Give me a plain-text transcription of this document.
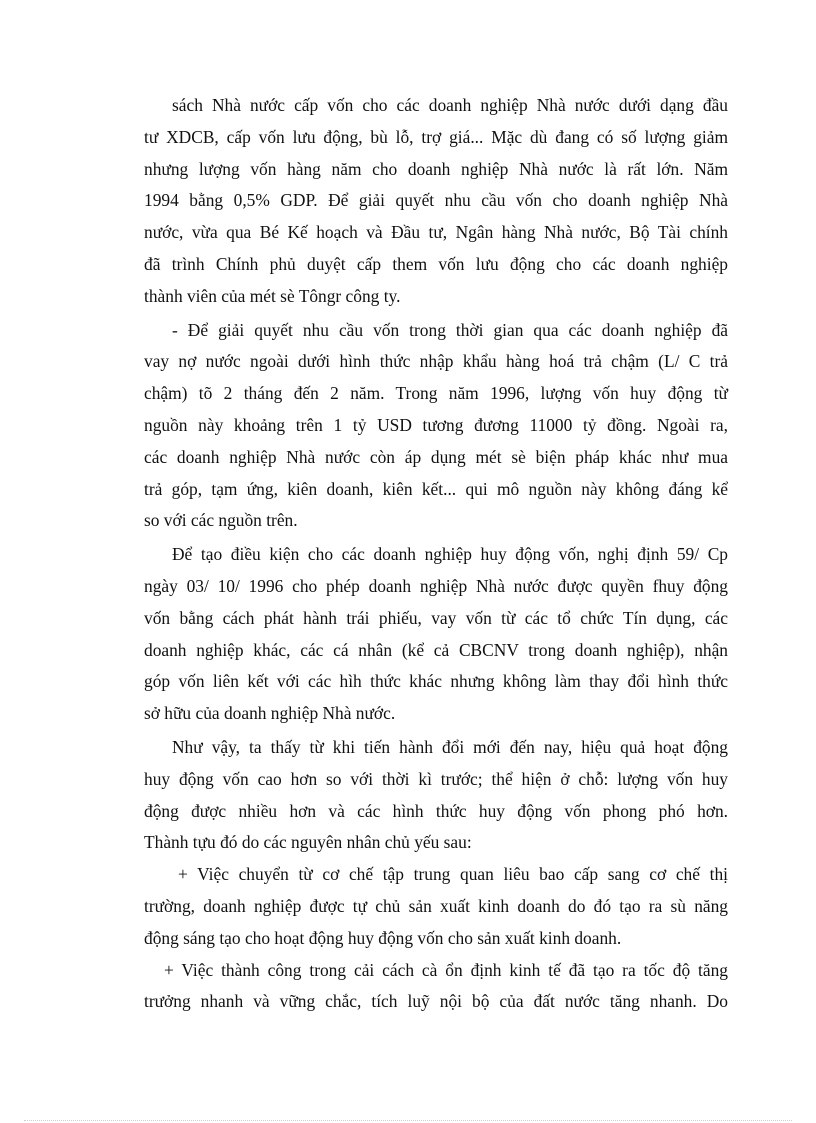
sách Nhà nước cấp vốn cho các doanh nghiệp Nhà nước dưới dạng đầu
tư XDCB, cấp vốn lưu động, bù lỗ, trợ giá... Mặc dù đang có số lượng giảm
nhưng lượng vốn hàng năm cho doanh nghiệp Nhà nước là rất lớn. Năm
1994 bằng 0,5% GDP. Để giải quyết nhu cầu vốn cho doanh nghiệp Nhà
nước, vừa qua Bé Kế hoạch và Đầu tư, Ngân hàng Nhà nước, Bộ Tài chính
đã trình Chính phủ duyệt cấp them vốn lưu động cho các doanh nghiệp
thành viên của mét sè Tôngr công ty.
- Để giải quyết nhu cầu vốn trong thời gian qua các doanh nghiệp đã
vay nợ nước ngoài dưới hình thức nhập khẩu hàng hoá trả chậm (L/ C trả
chậm) tõ 2 tháng đến 2 năm. Trong năm 1996, lượng vốn huy động từ
nguồn này khoảng trên 1 tỷ USD tương đương 11000 tỷ đồng. Ngoài ra,
các doanh nghiệp Nhà nước còn áp dụng mét sè biện pháp khác như mua
trả góp, tạm ứng, kiên doanh, kiên kết... qui mô nguồn này không đáng kể
so với các nguồn trên.
Để tạo điều kiện cho các doanh nghiệp huy động vốn, nghị định 59/ Cp
ngày 03/ 10/ 1996 cho phép doanh nghiệp Nhà nước được quyền fhuy động
vốn bằng cách phát hành trái phiếu, vay vốn từ các tổ chức Tín dụng, các
doanh nghiệp khác, các cá nhân (kể cả CBCNV trong doanh nghiệp), nhận
góp vốn liên kết với các hìh thức khác nhưng không làm thay đổi hình thức
sở hữu của doanh nghiệp Nhà nước.
Như vậy, ta thấy từ khi tiến hành đổi mới đến nay, hiệu quả hoạt động
huy động vốn cao hơn so với thời kì trước; thể hiện ở chỗ: lượng vốn huy
động được nhiều hơn và các hình thức huy động vốn phong phó hơn.
Thành tựu đó do các nguyên nhân chủ yếu sau:
+ Việc chuyển từ cơ chế tập trung quan liêu bao cấp sang cơ chế thị
trường, doanh nghiệp được tự chủ sản xuất kinh doanh do đó tạo ra sù năng
động sáng tạo cho hoạt động huy động vốn cho sản xuất kinh doanh.
+ Việc thành công trong cải cách cà ổn định kinh tế đã tạo ra tốc độ tăng
trưởng nhanh và vững chắc, tích luỹ nội bộ của đất nước tăng nhanh. Do
